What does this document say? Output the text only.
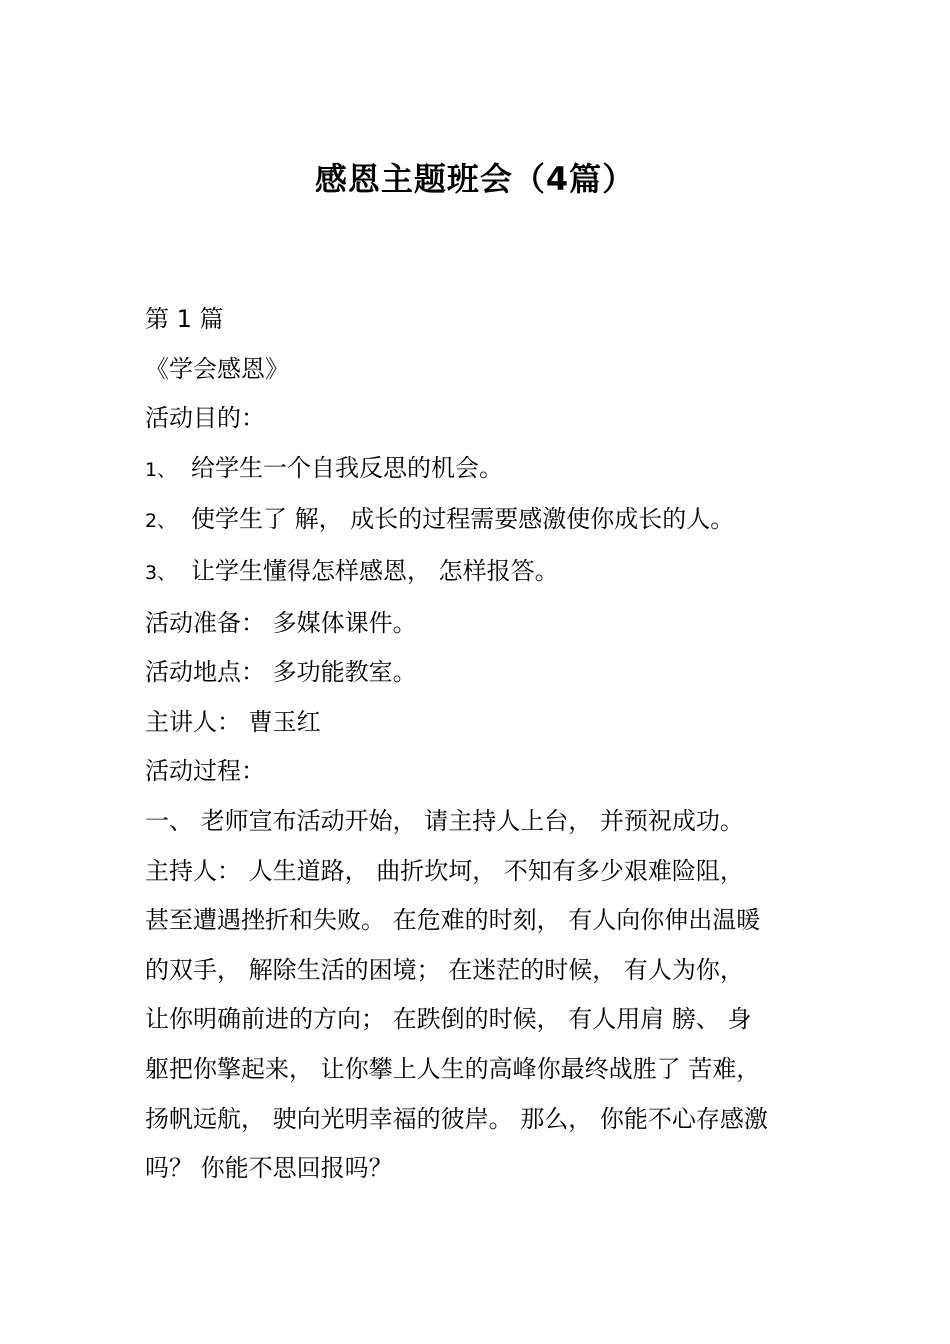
感恩主题班会（4篇）
第 1 篇
《学会感恩》
活动目的：
1、 给学生一个自我反思的机会。
2、 使学生了 解， 成长的过程需要感激使你成长的人。
3、 让学生懂得怎样感恩， 怎样报答。
活动准备： 多媒体课件。
活动地点： 多功能教室。
主讲人： 曹玉红
活动过程：
一、 老师宣布活动开始， 请主持人上台， 并预祝成功。
主持人： 人生道路， 曲折坎坷， 不知有多少艰难险阻，
甚至遭遇挫折和失败。 在危难的时刻， 有人向你伸出温暖
的双手， 解除生活的困境； 在迷茫的时候， 有人为你，
让你明确前进的方向； 在跌倒的时候， 有人用肩 膀、 身
躯把你擎起来， 让你攀上人生的高峰你最终战胜了 苦难，
扬帆远航， 驶向光明幸福的彼岸。 那么， 你能不心存感激
吗？ 你能不思回报吗？
